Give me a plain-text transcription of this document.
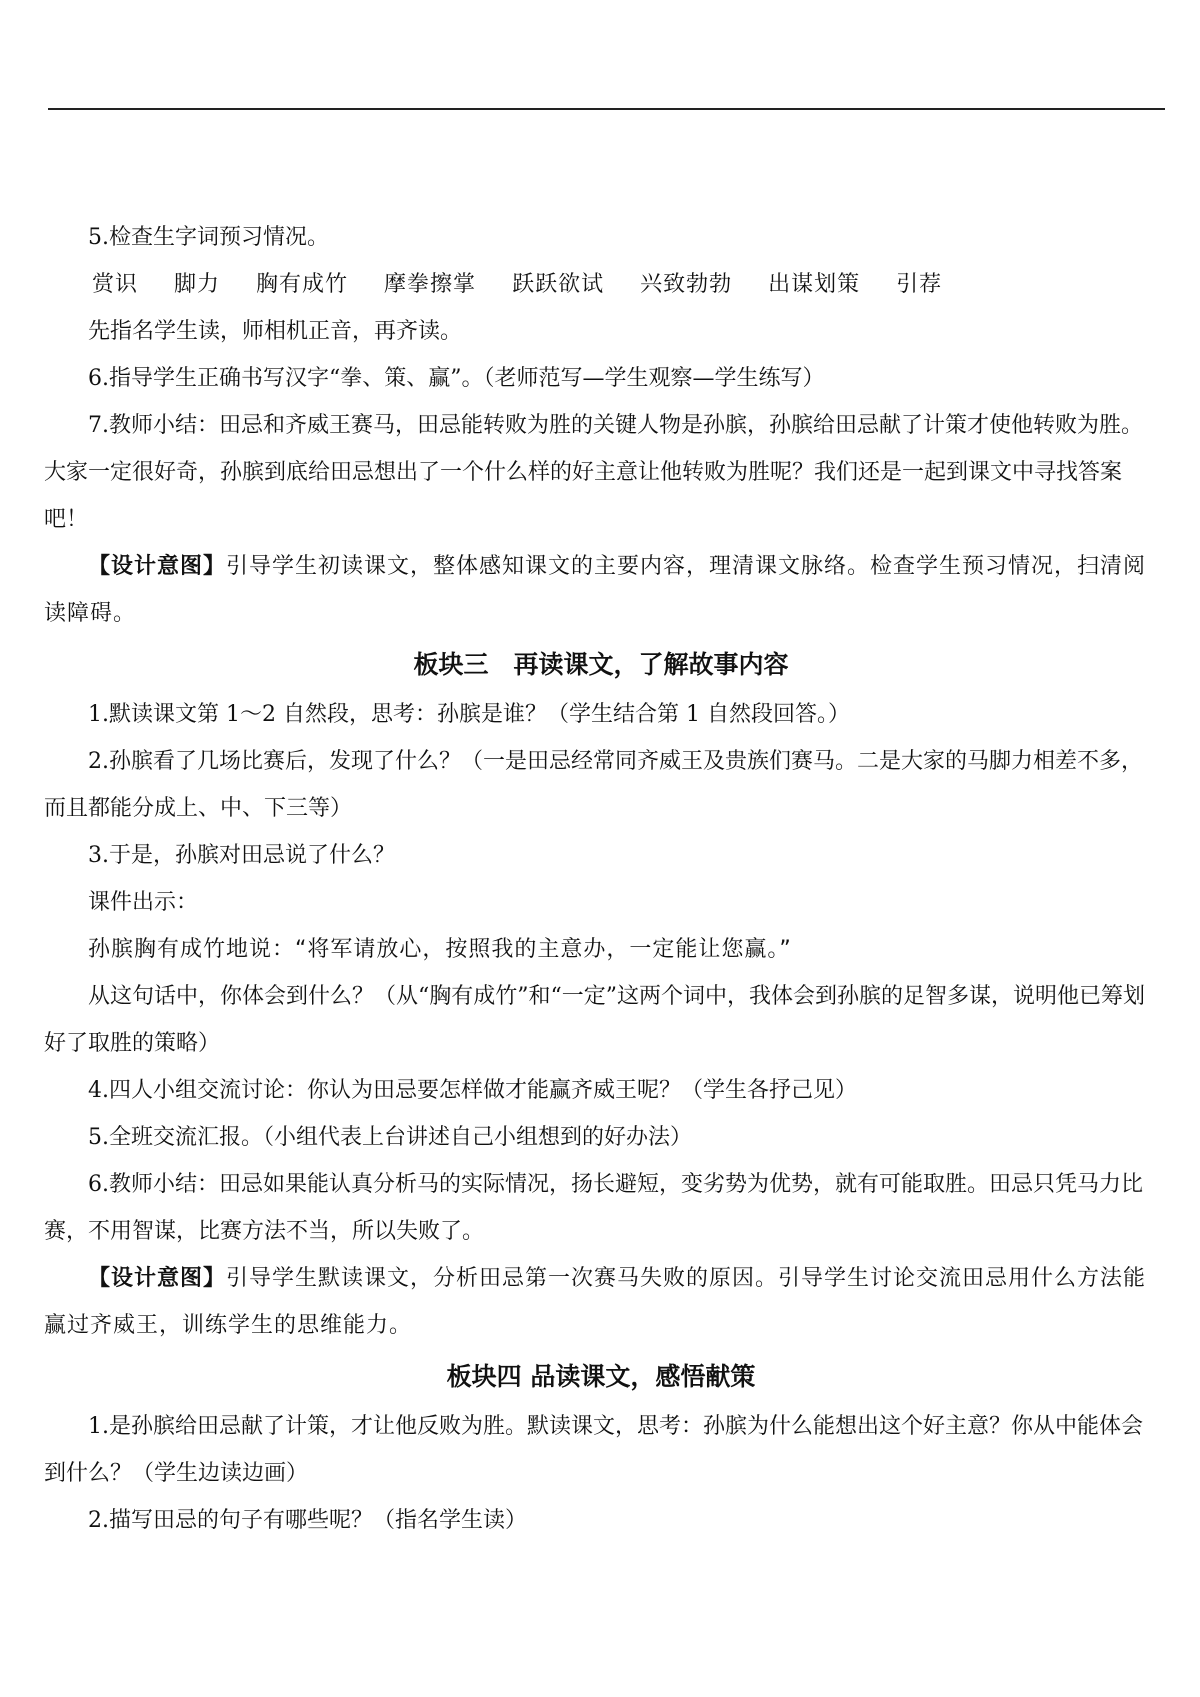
5.检查生字词预习情况。

赏识 脚力 胸有成竹 摩拳擦掌 跃跃欲试 兴致勃勃 出谋划策 引荐

先指名学生读，师相机正音，再齐读。

6.指导学生正确书写汉字“拳、策、赢”。（老师范写—学生观察—学生练写）

7.教师小结：田忌和齐威王赛马，田忌能转败为胜的关键人物是孙膑，孙膑给田忌献了计策才使他转败为胜。大家一定很好奇，孙膑到底给田忌想出了一个什么样的好主意让他转败为胜呢？我们还是一起到课文中寻找答案吧！

【设计意图】引导学生初读课文，整体感知课文的主要内容，理清课文脉络。检查学生预习情况，扫清阅读障碍。

板块三　再读课文，了解故事内容

1.默读课文第 1～2 自然段，思考：孙膑是谁？（学生结合第 1 自然段回答。）

2.孙膑看了几场比赛后，发现了什么？（一是田忌经常同齐威王及贵族们赛马。二是大家的马脚力相差不多，而且都能分成上、中、下三等）

3.于是，孙膑对田忌说了什么？

课件出示：

孙膑胸有成竹地说：“将军请放心，按照我的主意办，一定能让您赢。”

从这句话中，你体会到什么？（从“胸有成竹”和“一定”这两个词中，我体会到孙膑的足智多谋，说明他已筹划好了取胜的策略）

4.四人小组交流讨论：你认为田忌要怎样做才能赢齐威王呢？（学生各抒己见）

5.全班交流汇报。（小组代表上台讲述自己小组想到的好办法）

6.教师小结：田忌如果能认真分析马的实际情况，扬长避短，变劣势为优势，就有可能取胜。田忌只凭马力比赛，不用智谋，比赛方法不当，所以失败了。

【设计意图】引导学生默读课文，分析田忌第一次赛马失败的原因。引导学生讨论交流田忌用什么方法能赢过齐威王，训练学生的思维能力。

板块四 品读课文，感悟献策

1.是孙膑给田忌献了计策，才让他反败为胜。默读课文，思考：孙膑为什么能想出这个好主意？你从中能体会到什么？（学生边读边画）

2.描写田忌的句子有哪些呢？（指名学生读）
